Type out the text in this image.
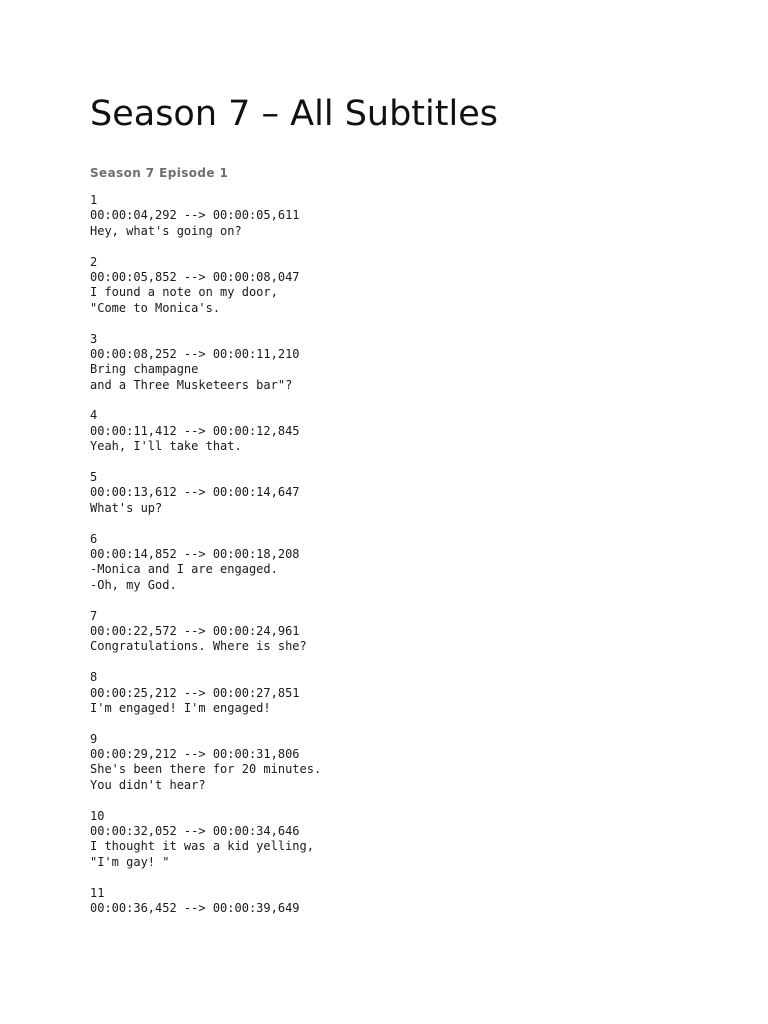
Season 7 – All Subtitles
Season 7 Episode 1
1
00:00:04,292 --> 00:00:05,611
Hey, what's going on?
2
00:00:05,852 --> 00:00:08,047
I found a note on my door,
"Come to Monica's.
3
00:00:08,252 --> 00:00:11,210
Bring champagne
and a Three Musketeers bar"?
4
00:00:11,412 --> 00:00:12,845
Yeah, I'll take that.
5
00:00:13,612 --> 00:00:14,647
What's up?
6
00:00:14,852 --> 00:00:18,208
-Monica and I are engaged.
-Oh, my God.
7
00:00:22,572 --> 00:00:24,961
Congratulations. Where is she?
8
00:00:25,212 --> 00:00:27,851
I'm engaged! I'm engaged!
9
00:00:29,212 --> 00:00:31,806
She's been there for 20 minutes.
You didn't hear?
10
00:00:32,052 --> 00:00:34,646
I thought it was a kid yelling,
"I'm gay! "
11
00:00:36,452 --> 00:00:39,649
